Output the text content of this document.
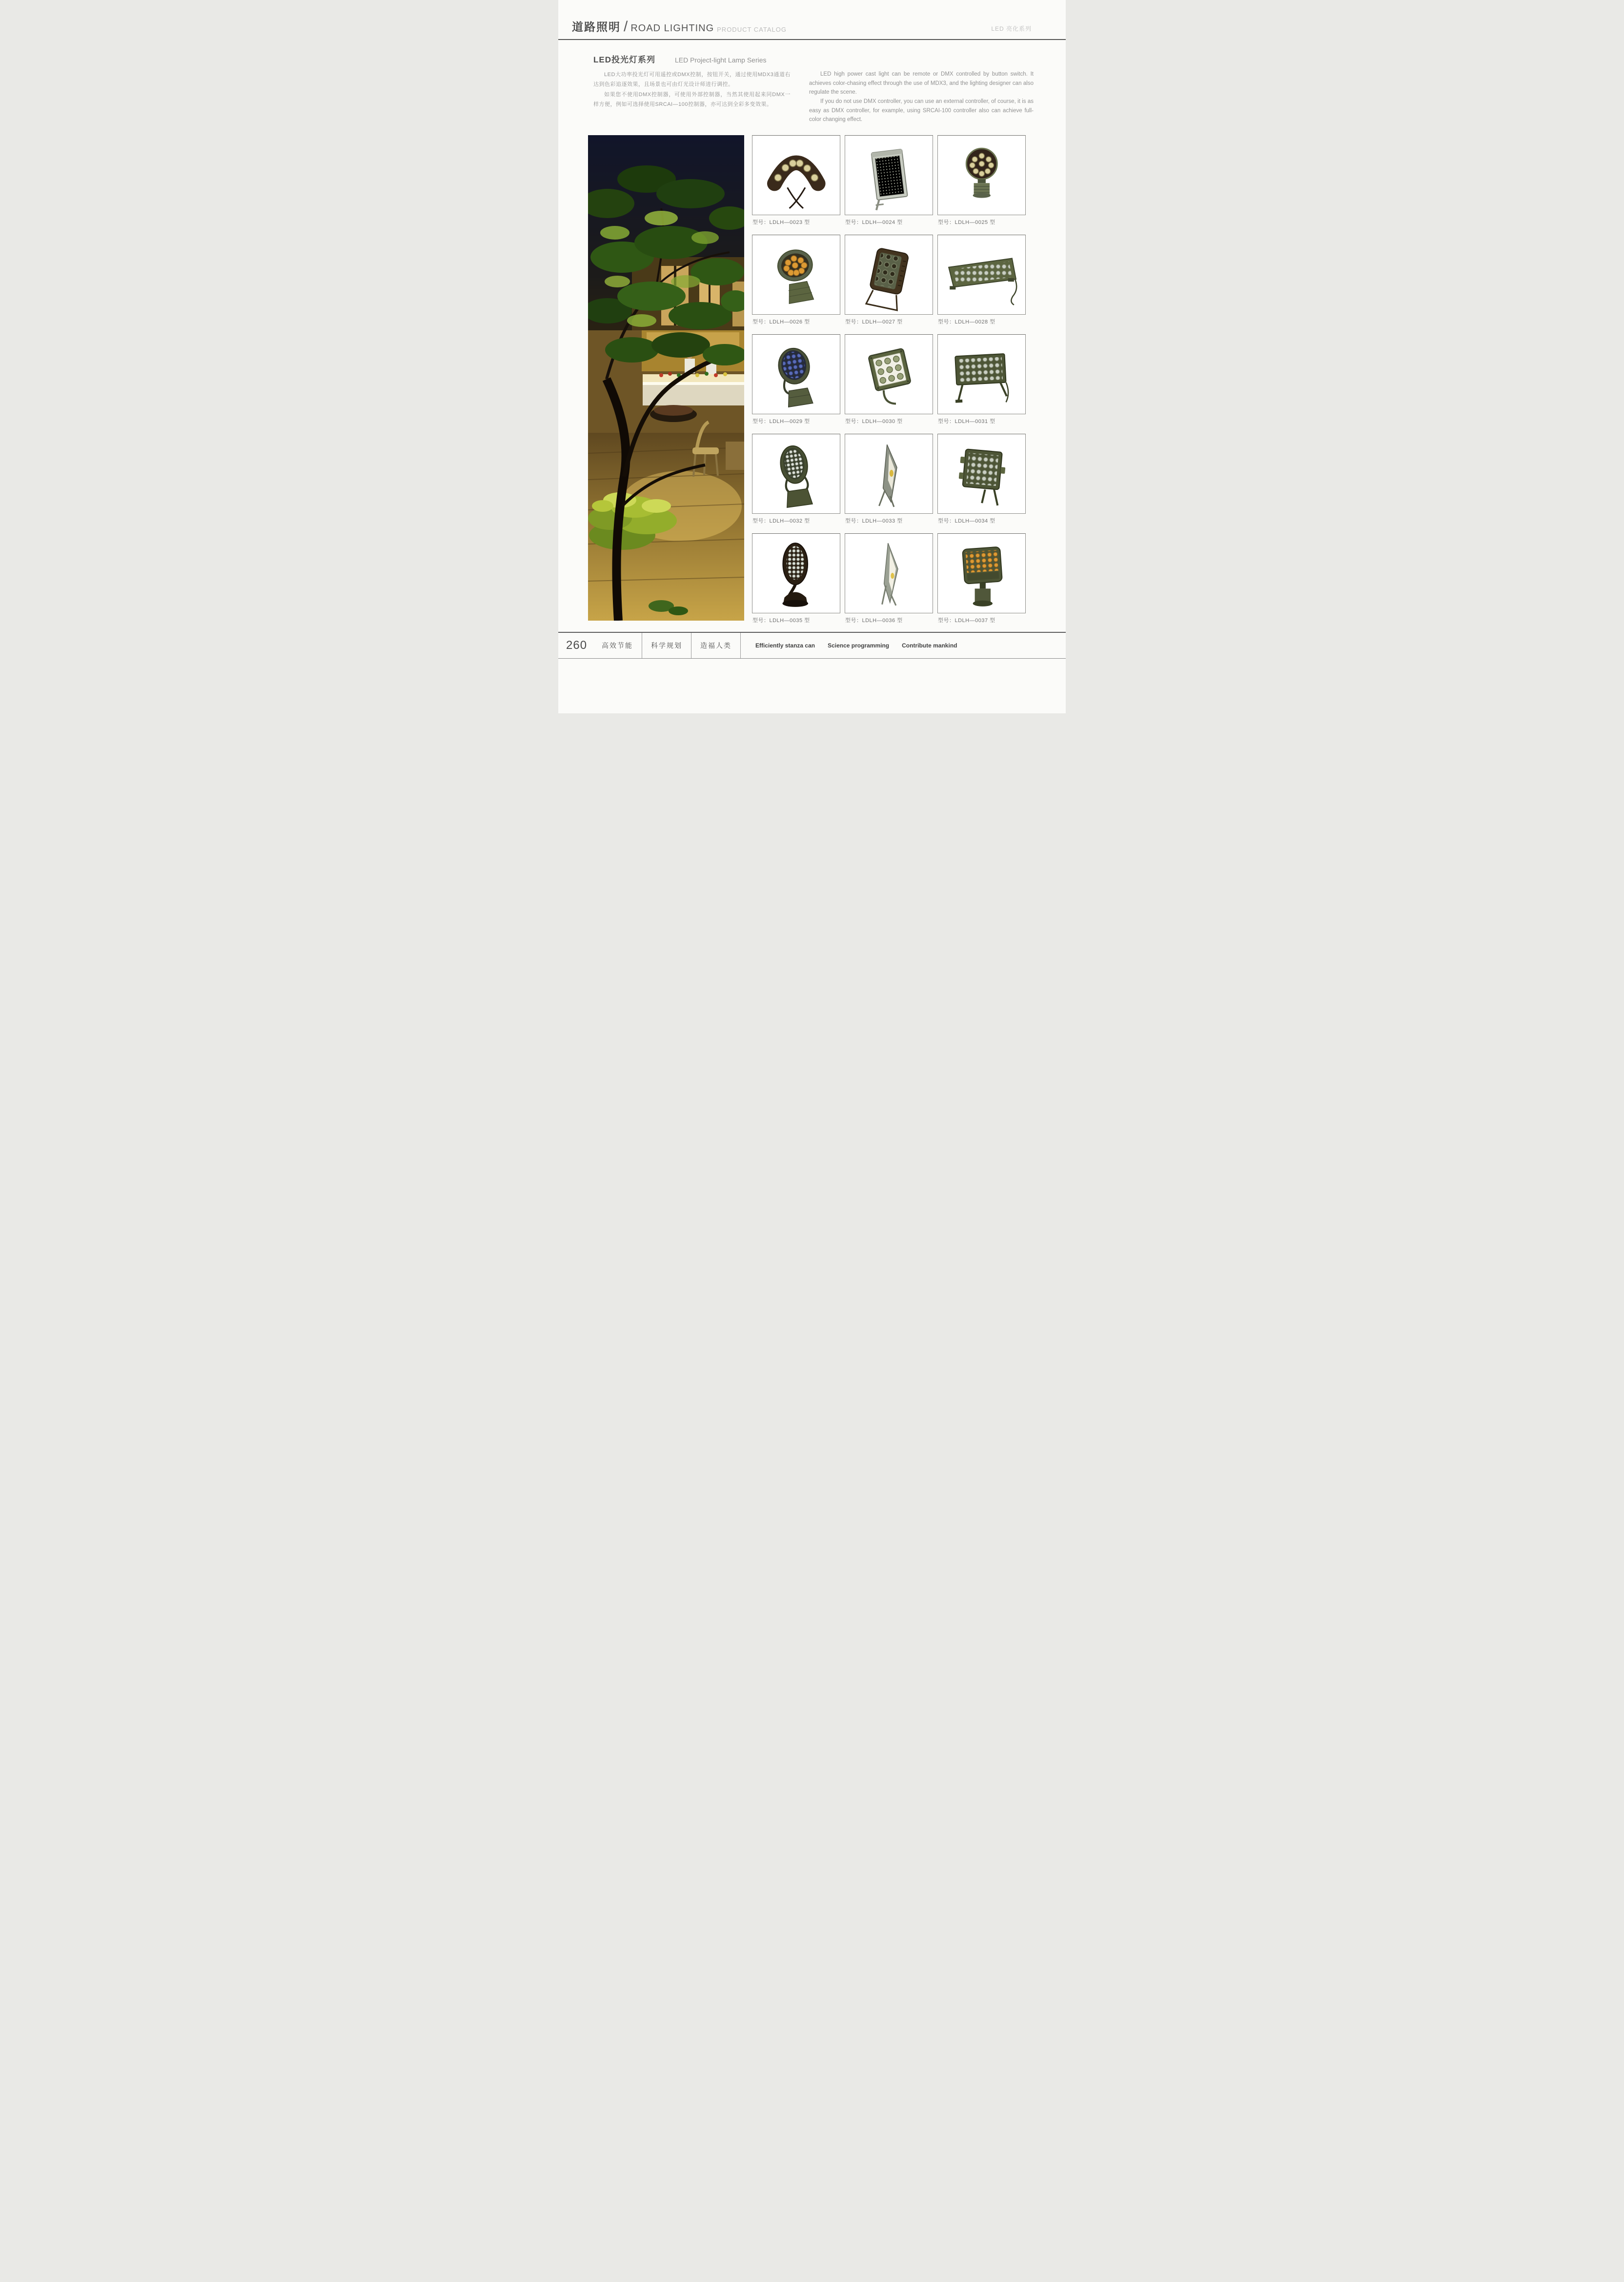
道路照明 / ROAD LIGHTING PRODUCT CATALOG	LED 亮化系列
LED投光灯系列	LED Project-light Lamp Series

LED大功率投光灯可用遥控或DMX控制，按钮开关，通过使用MDX3通道右达到色彩追逐效果，且场景也可由灯光设计师进行调控。

如果您不使用DMX控制器，可使用外部控制器，当然其使用起来同DMX一样方便，例如可选择使用SRCAI—100控制器，亦可达到全彩多变效果。

LED high power cast light can be remote or DMX controlled by button switch. It achieves color-chasing effect through the use of MDX3, and the lighting designer can also regulate the scene.

If you do not use DMX controller, you can use an external controller, of course, it is as easy as DMX controller, for example, using SRCAI-100 controller also can achieve full-color changing effect.

型号：LDLH—0023 型	型号：LDLH—0024 型	型号：LDLH—0025 型
型号：LDLH—0026 型	型号：LDLH—0027 型	型号：LDLH—0028 型
型号：LDLH—0029 型	型号：LDLH—0030 型	型号：LDLH—0031 型
型号：LDLH—0032 型	型号：LDLH—0033 型	型号：LDLH—0034 型
型号：LDLH—0035 型	型号：LDLH—0036 型	型号：LDLH—0037 型
260	高效节能	科学规划	造福人类	Efficiently stanza can Science programming Contribute mankind
